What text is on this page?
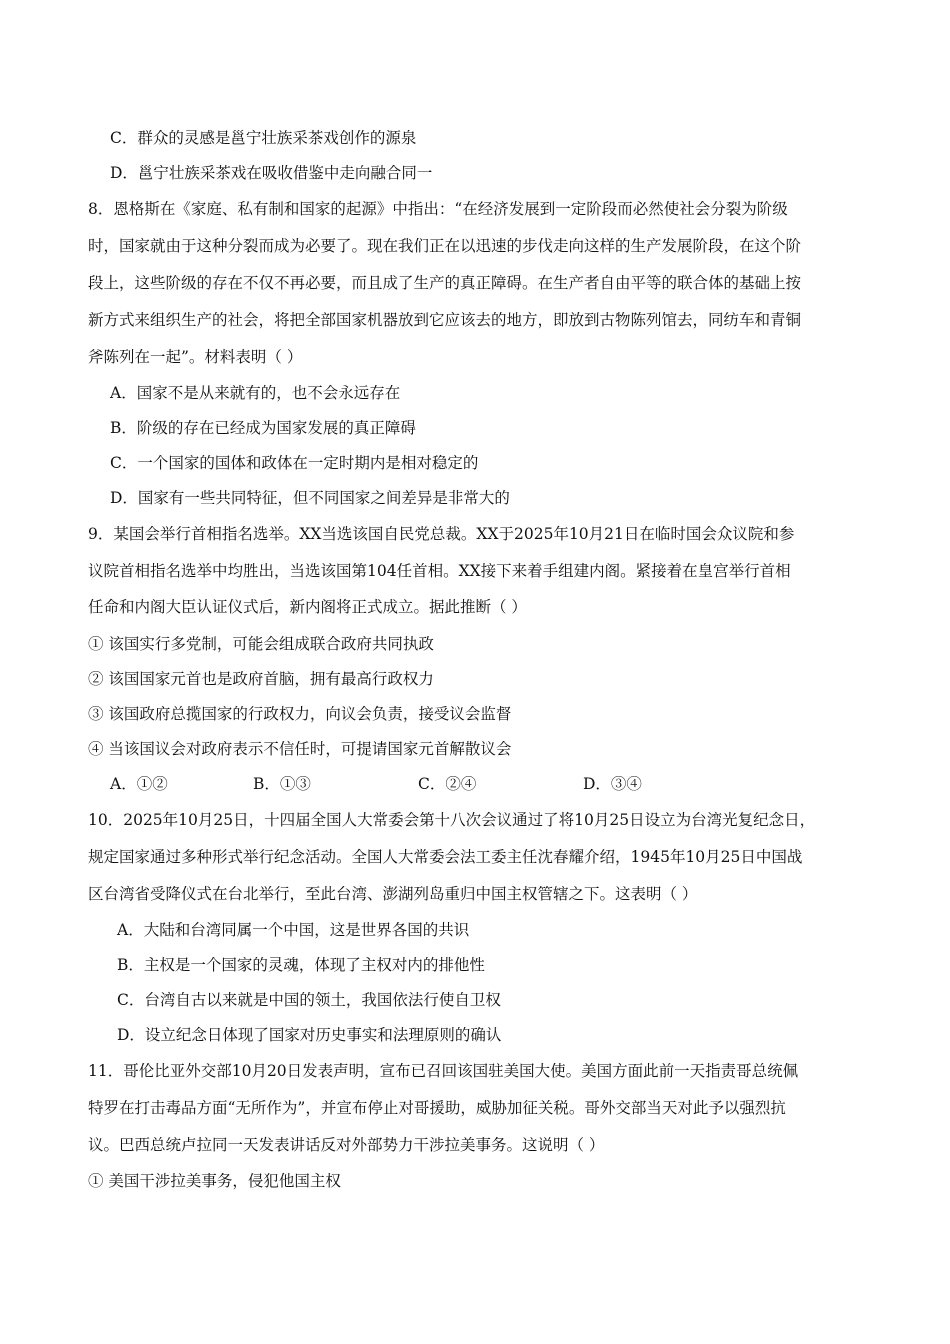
C．群众的灵感是邕宁壮族采茶戏创作的源泉
D．邕宁壮族采茶戏在吸收借鉴中走向融合同一
8．恩格斯在《家庭、私有制和国家的起源》中指出：“在经济发展到一定阶段而必然使社会分裂为阶级
时，国家就由于这种分裂而成为必要了。现在我们正在以迅速的步伐走向这样的生产发展阶段，在这个阶
段上，这些阶级的存在不仅不再必要，而且成了生产的真正障碍。在生产者自由平等的联合体的基础上按
新方式来组织生产的社会，将把全部国家机器放到它应该去的地方，即放到古物陈列馆去，同纺车和青铜
斧陈列在一起”。材料表明（ ）
A．国家不是从来就有的，也不会永远存在
B．阶级的存在已经成为国家发展的真正障碍
C．一个国家的国体和政体在一定时期内是相对稳定的
D．国家有一些共同特征，但不同国家之间差异是非常大的
9．某国会举行首相指名选举。XX当选该国自民党总裁。XX于2025年10月21日在临时国会众议院和参
议院首相指名选举中均胜出，当选该国第104任首相。XX接下来着手组建内阁。紧接着在皇宫举行首相
任命和内阁大臣认证仪式后，新内阁将正式成立。据此推断（ ）
① 该国实行多党制，可能会组成联合政府共同执政
② 该国国家元首也是政府首脑，拥有最高行政权力
③ 该国政府总揽国家的行政权力，向议会负责，接受议会监督
④ 当该国议会对政府表示不信任时，可提请国家元首解散议会
A．①②	B．①③	C．②④	D．③④
10．2025年10月25日，十四届全国人大常委会第十八次会议通过了将10月25日设立为台湾光复纪念日，
规定国家通过多种形式举行纪念活动。全国人大常委会法工委主任沈春耀介绍，1945年10月25日中国战
区台湾省受降仪式在台北举行，至此台湾、澎湖列岛重归中国主权管辖之下。这表明（ ）
A．大陆和台湾同属一个中国，这是世界各国的共识
B．主权是一个国家的灵魂，体现了主权对内的排他性
C．台湾自古以来就是中国的领土，我国依法行使自卫权
D．设立纪念日体现了国家对历史事实和法理原则的确认
11．哥伦比亚外交部10月20日发表声明，宣布已召回该国驻美国大使。美国方面此前一天指责哥总统佩
特罗在打击毒品方面“无所作为”，并宣布停止对哥援助，威胁加征关税。哥外交部当天对此予以强烈抗
议。巴西总统卢拉同一天发表讲话反对外部势力干涉拉美事务。这说明（ ）
① 美国干涉拉美事务，侵犯他国主权
